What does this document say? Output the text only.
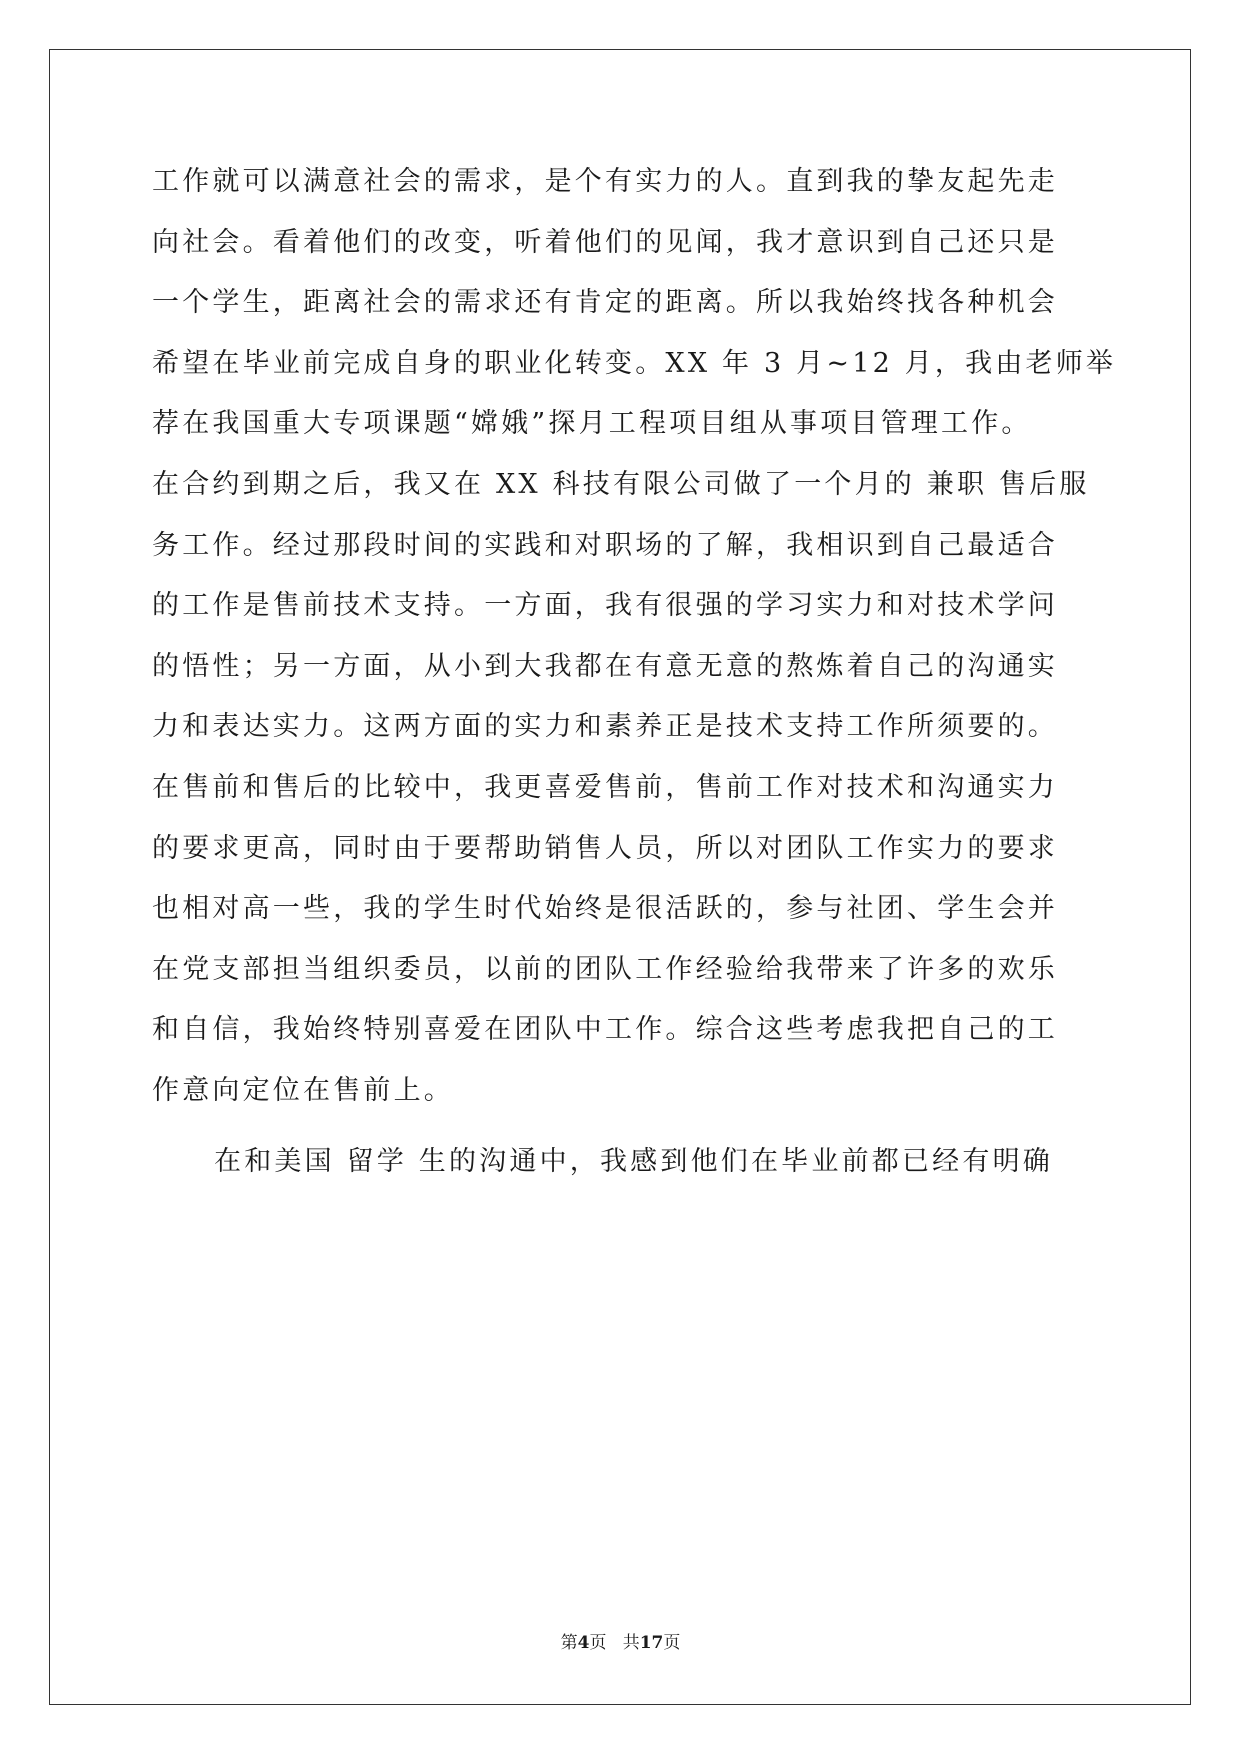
工作就可以满意社会的需求，是个有实力的人。直到我的挚友起先走
向社会。看着他们的改变，听着他们的见闻，我才意识到自己还只是
一个学生，距离社会的需求还有肯定的距离。所以我始终找各种机会
希望在毕业前完成自身的职业化转变。XX 年 3 月~12 月，我由老师举
荐在我国重大专项课题“嫦娥”探月工程项目组从事项目管理工作。
在合约到期之后，我又在 XX 科技有限公司做了一个月的 兼职 售后服
务工作。经过那段时间的实践和对职场的了解，我相识到自己最适合
的工作是售前技术支持。一方面，我有很强的学习实力和对技术学问
的悟性；另一方面，从小到大我都在有意无意的熬炼着自己的沟通实
力和表达实力。这两方面的实力和素养正是技术支持工作所须要的。
在售前和售后的比较中，我更喜爱售前，售前工作对技术和沟通实力
的要求更高，同时由于要帮助销售人员，所以对团队工作实力的要求
也相对高一些，我的学生时代始终是很活跃的，参与社团、学生会并
在党支部担当组织委员，以前的团队工作经验给我带来了许多的欢乐
和自信，我始终特别喜爱在团队中工作。综合这些考虑我把自己的工
作意向定位在售前上。
在和美国 留学 生的沟通中，我感到他们在毕业前都已经有明确
第4页 共17页
